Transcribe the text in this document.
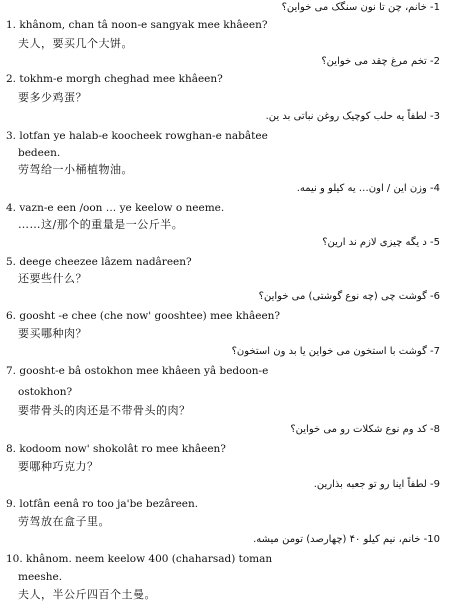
1- خانم، چن تا نون سنگک می خواین؟
1. khânom, chan tâ noon-e sangyak mee khâeen?
夫人，要买几个大饼。
2- تخم مرغ چقد می خواین؟
2. tokhm-e morgh cheghad mee khâeen?
要多少鸡蛋？
3- لطفاً یه حلب کوچیک روغن نباتی بد ین.
3. lotfan ye halab-e koocheek rowghan-e nabâtee
bedeen.
劳驾给一小桶植物油。
4- وزن این / اون… یه کیلو و نیمه.
4. vazn-e een /oon … ye keelow o neeme.
……这/那个的重量是一公斤半。
5- د یگه چیزی لازم ند ارین؟
5. deege cheezee lâzem nadâreen?
还要些什么？
6- گوشت چی (چه نوع گوشتی) می خواین؟
6. goosht -e chee (che now' gooshtee) mee khâeen?
要买哪种肉？
7- گوشت با استخون می خواین یا بد ون استخون؟
7. goosht-e bâ ostokhon mee khâeen yâ bedoon-e
ostokhon?
要带骨头的肉还是不带骨头的肉？
8- کد وم نوع شکلات رو می خواین؟
8. kodoom now' shokolât ro mee khâeen?
要哪种巧克力？
9- لطفاً اینا رو تو جعبه بذارین.
9. lotfân eenâ ro too ja'be bezâreen.
劳驾放在盒子里。
10- خانم، نیم کیلو ۴۰ (چهارصد) تومن میشه.
10. khânom. neem keelow 400 (chaharsad) toman
meeshe.
夫人，半公斤四百个土曼。
